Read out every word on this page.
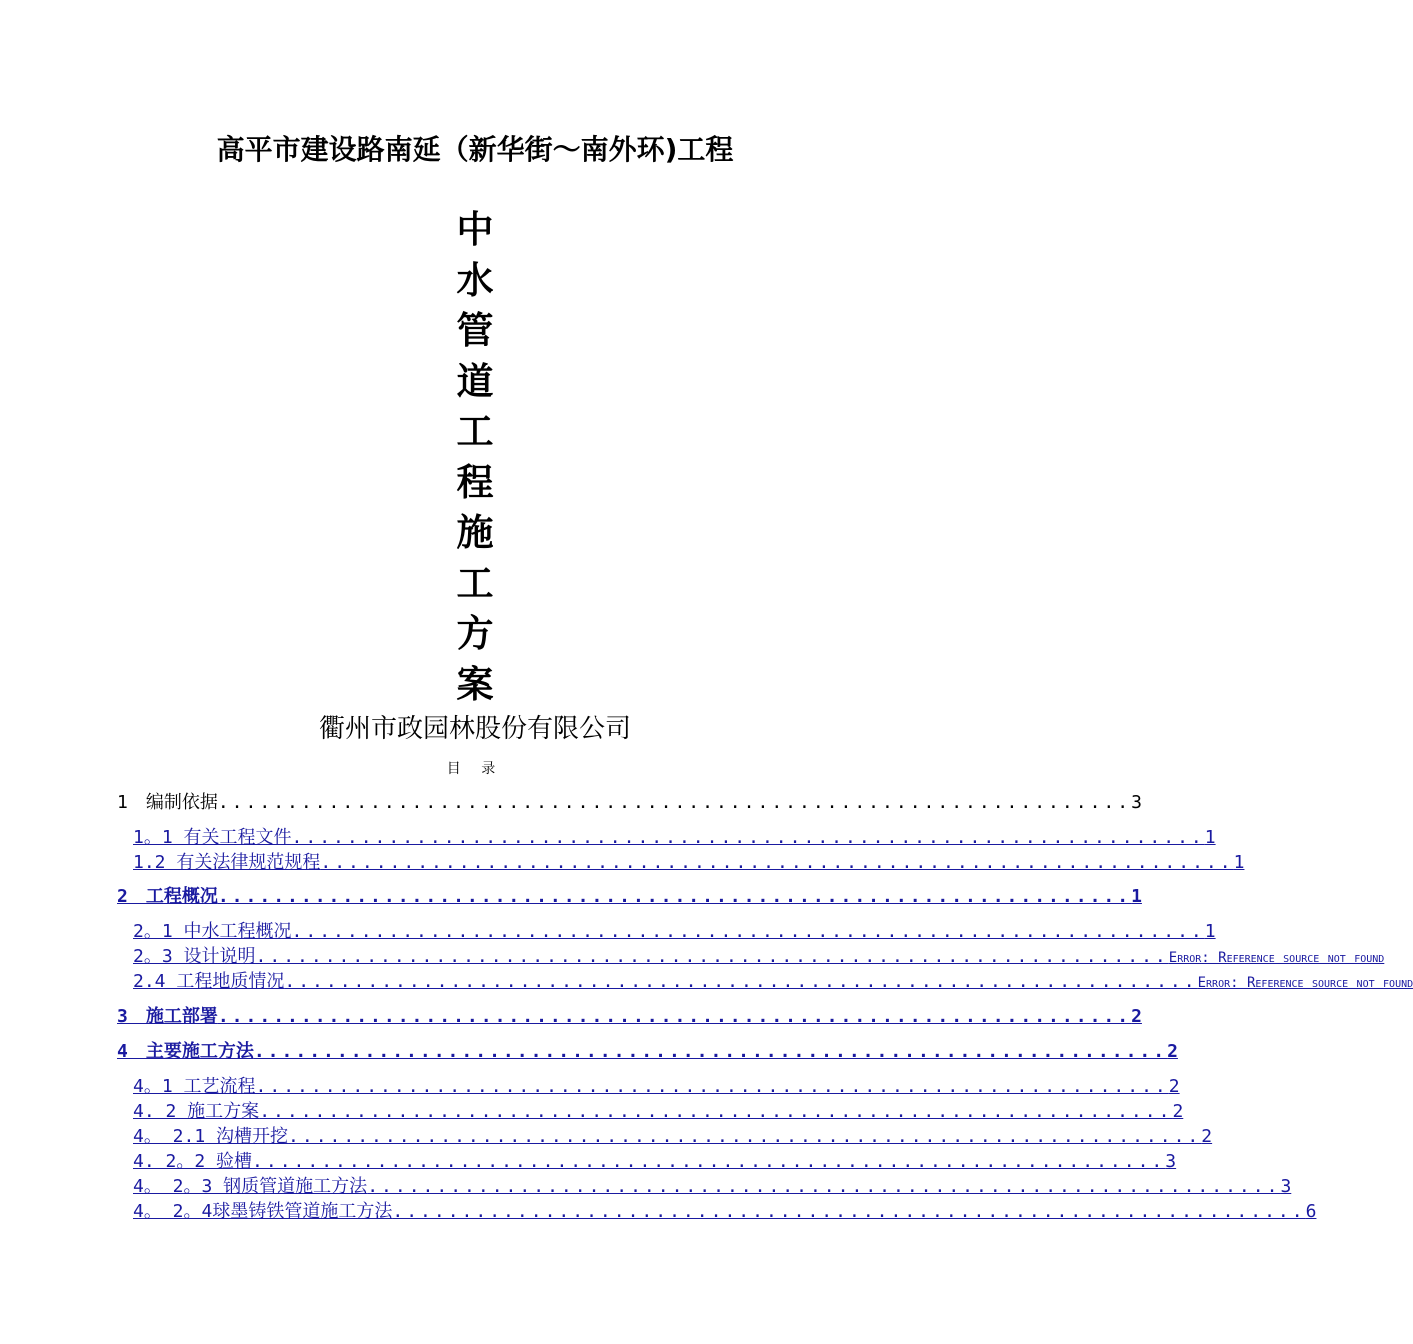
高平市建设路南延（新华街～南外环)工程
中
水
管
道
工
程
施
工
方
案
衢州市政园林股份有限公司
目 录
1　编制依据 .................................................................. 3
1。1 有关工程文件 .................................................................. 1
1.2 有关法律规范规程 .................................................................. 1
2　工程概况 .................................................................. 1
2。1 中水工程概况 .................................................................. 1
2。3 设计说明 .................................................................. Error: Reference source not found
2.4 工程地质情况 .................................................................. Error: Reference source not found
3　施工部署 .................................................................. 2
4　主要施工方法 .................................................................. 2
4。1 工艺流程 .................................................................. 2
4. 2 施工方案 .................................................................. 2
4。 2.1 沟槽开挖 .................................................................. 2
4. 2。2 验槽 .................................................................. 3
4。 2。3 钢质管道施工方法 .................................................................. 3
4。 2。4球墨铸铁管道施工方法 .................................................................. 6
